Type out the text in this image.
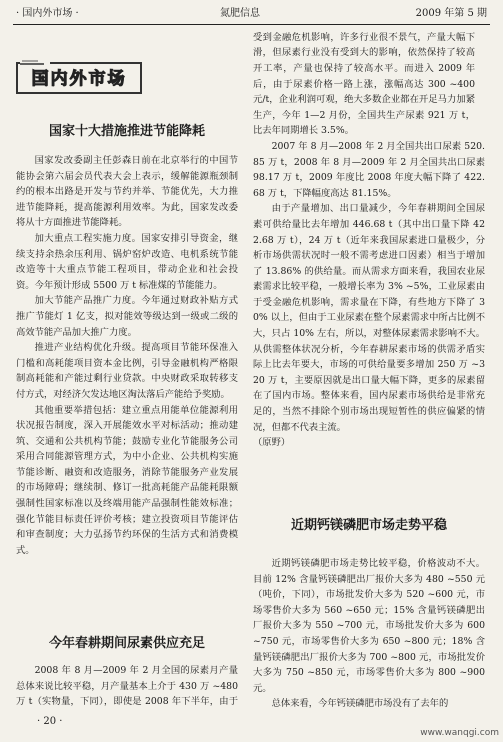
· 国内外市场 ·	氮肥信息	2009 年第 5 期
国内外市场
国家十大措施推进节能降耗

国家发改委副主任彭森日前在北京举行的中国节能协会第六届会员代表大会上表示，缓解能源瓶颈制约的根本出路是开发与节约并举、节能优先，大力推进节能降耗，提高能源利用效率。为此，国家发改委将从十方面推进节能降耗。

加大重点工程实施力度。国家安排引导资金，继续支持余热余压利用、锅炉窑炉改造、电机系统节能改造等十大重点节能工程项目，带动企业和社会投资。今年预计形成 5500 万 t 标准煤的节能能力。

加大节能产品推广力度。今年通过财政补贴方式推广节能灯 1 亿支，拟对能效等级达到一级或二级的高效节能产品加大推广力度。

推进产业结构优化升级。提高项目节能环保准入门槛和高耗能项目资本金比例，引导金融机构严格限制高耗能和产能过剩行业贷款。中央财政采取转移支付方式，对经济欠发达地区淘汰落后产能给予奖励。

其他重要举措包括：建立重点用能单位能源利用状况报告制度，深入开展能效水平对标活动；推动建筑、交通和公共机构节能；鼓励专业化节能服务公司采用合同能源管理方式，为中小企业、公共机构实施节能诊断、融资和改造服务，消除节能服务产业发展的市场障碍；继续制、修订一批高耗能产品能耗限额强制性国家标准以及终端用能产品强制性能效标准；强化节能目标责任评价考核；建立投资项目节能评估和审查制度；大力弘扬节约环保的生活方式和消费模式。

今年春耕期间尿素供应充足

2008 年 8 月—2009 年 2 月全国的尿素月产量总体来说比较平稳，月产量基本上介于 430 万 ~480 万 t（实物量，下同），即使是 2008 年下半年，由于

受到金融危机影响，许多行业很不景气，产量大幅下滑，但尿素行业没有受到大的影响，依然保持了较高开工率，产量也保持了较高水平。而进入 2009 年后，由于尿素价格一路上涨，涨幅高达 300 ~400 元/t，企业利润可观，绝大多数企业都在开足马力加紧生产，今年 1—2 月份，全国共生产尿素 921 万 t，比去年同期增长 3.5%。

2007 年 8 月—2008 年 2 月全国共出口尿素 520.85 万 t，2008 年 8 月—2009 年 2 月全国共出口尿素 98.17 万 t，2009 年度比 2008 年度大幅下降了 422.68 万 t，下降幅度高达 81.15%。

由于产量增加、出口量减少，今年春耕期间全国尿素可供给量比去年增加 446.68 t（其中出口量下降 422.68 万 t），24 万 t（近年来我国尿素进口量极少，分析市场供需状况时一般不需考虑进口因素）相当于增加了 13.86% 的供给量。而从需求方面来看，我国农业尿素需求比较平稳，一般增长率为 3% ~5%，工业尿素由于受金融危机影响，需求量在下降，有些地方下降了 30% 以上，但由于工业尿素在整个尿素需求中所占比例不大，只占 10% 左右，所以，对整体尿素需求影响不大。从供需整体状况分析，今年春耕尿素市场的供需矛盾实际上比去年要大，市场的可供给量要多增加 250 万 ~320 万 t，主要原因就是出口量大幅下降，更多的尿素留在了国内市场。整体来看，国内尿素市场供给是非常充足的，当然不排除个别市场出现短暂性的供应偏紧的情况，但都不代表主流。

（原野）

近期钙镁磷肥市场走势平稳

近期钙镁磷肥市场走势比较平稳，价格波动不大。目前 12% 含量钙镁磷肥出厂报价大多为 480 ~550 元（吨价，下同），市场批发价大多为 520 ~600 元，市场零售价大多为 560 ~650 元；15% 含量钙镁磷肥出厂报价大多为 550 ~700 元，市场批发价大多为 600 ~750 元，市场零售价大多为 650 ~800 元；18% 含量钙镁磷肥出厂报价大多为 700 ~800 元，市场批发价大多为 750 ~850 元，市场零售价大多为 800 ~900 元。

总体来看，今年钙镁磷肥市场没有了去年的

· 20 ·
www.wanqgi.com
